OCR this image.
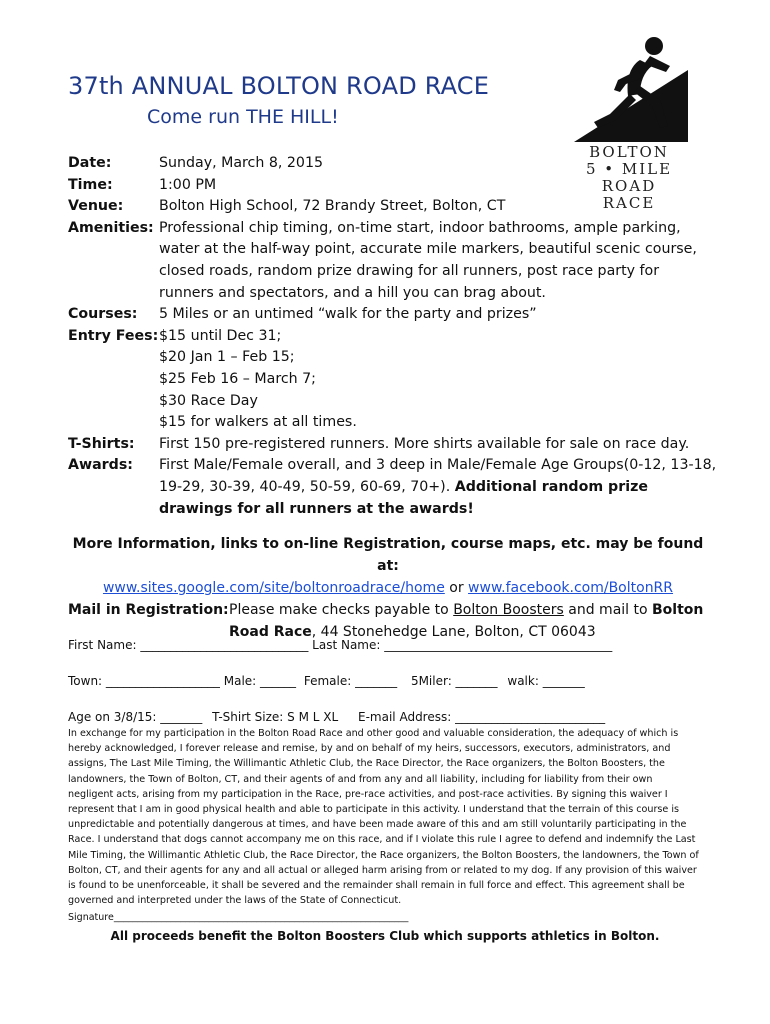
37th ANNUAL BOLTON ROAD RACE
Come run THE HILL!
BOLTON
5 • MILE
ROAD RACE
Date:	Sunday, March 8, 2015
Time:	1:00 PM
Venue:	Bolton High School, 72 Brandy Street, Bolton, CT
Amenities: Professional chip timing, on-time start, indoor bathrooms, ample parking, water at the half-way point, accurate mile markers, beautiful scenic course, closed roads, random prize drawing for all runners, post race party for runners and spectators, and a hill you can brag about.
Courses:	5 Miles or an untimed “walk for the party and prizes”
Entry Fees: $15 until Dec 31;
$20 Jan 1 – Feb 15;
$25 Feb 16 – March 7;
$30 Race Day
$15 for walkers at all times.
T-Shirts:	First 150 pre-registered runners. More shirts available for sale on race day.
Awards:	First Male/Female overall, and 3 deep in Male/Female Age Groups(0-12, 13-18, 19-29, 30-39, 40-49, 50-59, 60-69, 70+). Additional random prize drawings for all runners at the awards!
More Information, links to on-line Registration, course maps, etc. may be found at:
www.sites.google.com/site/boltonroadrace/home or www.facebook.com/BoltonRR
Mail in Registration: Please make checks payable to Bolton Boosters and mail to Bolton Road Race, 44 Stonehedge Lane, Bolton, CT 06043
First Name: ____________________________ Last Name: ______________________________________
Town: ___________________ Male: ______ Female: _______ 5Miler: _______ walk: _______
Age on 3/8/15: _______ T-Shirt Size: S M L XL E-mail Address: _________________________
In exchange for my participation in the Bolton Road Race and other good and valuable consideration, the adequacy of which is hereby acknowledged, I forever release and remise, by and on behalf of my heirs, successors, executors, administrators, and assigns, The Last Mile Timing, the Willimantic Athletic Club, the Race Director, the Race organizers, the Bolton Boosters, the landowners, the Town of Bolton, CT, and their agents of and from any and all liability, including for liability from their own negligent acts, arising from my participation in the Race, pre-race activities, and post-race activities. By signing this waiver I represent that I am in good physical health and able to participate in this activity. I understand that the terrain of this course is unpredictable and potentially dangerous at times, and have been made aware of this and am still voluntarily participating in the Race. I understand that dogs cannot accompany me on this race, and if I violate this rule I agree to defend and indemnify the Last Mile Timing, the Willimantic Athletic Club, the Race Director, the Race organizers, the Bolton Boosters, the landowners, the Town of Bolton, CT, and their agents for any and all actual or alleged harm arising from or related to my dog. If any provision of this waiver is found to be unenforceable, it shall be severed and the remainder shall remain in full force and effect. This agreement shall be governed and interpreted under the laws of the State of Connecticut.
Signature______________________________________________________________
All proceeds benefit the Bolton Boosters Club which supports athletics in Bolton.
